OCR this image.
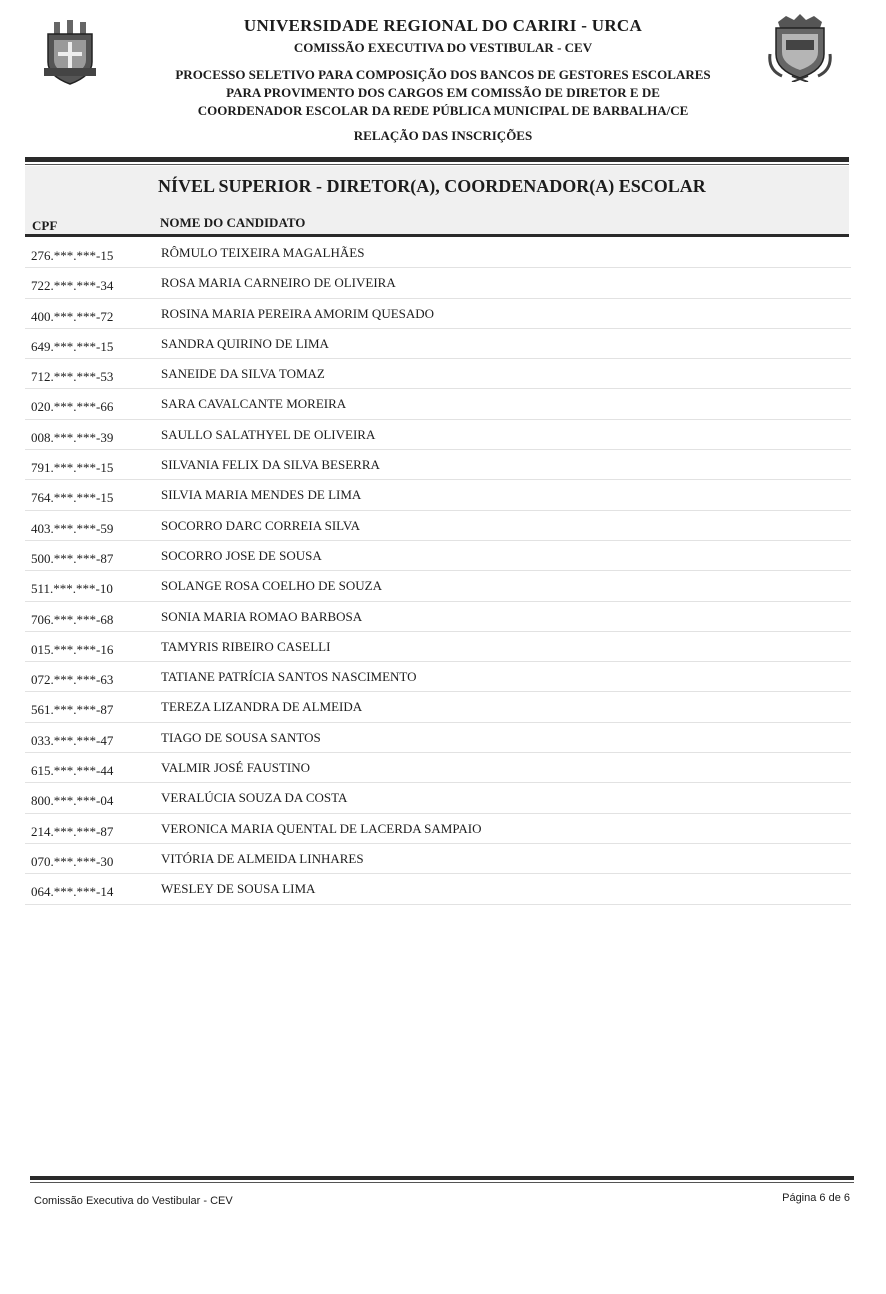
UNIVERSIDADE REGIONAL DO CARIRI - URCA
COMISSÃO EXECUTIVA DO VESTIBULAR - CEV
PROCESSO SELETIVO PARA COMPOSIÇÃO DOS BANCOS DE GESTORES ESCOLARES
PARA PROVIMENTO DOS CARGOS EM COMISSÃO DE DIRETOR E DE
COORDENADOR ESCOLAR DA REDE PÚBLICA MUNICIPAL DE BARBALHA/CE
RELAÇÃO DAS INSCRIÇÕES
NÍVEL SUPERIOR - DIRETOR(A), COORDENADOR(A) ESCOLAR
CPF	NOME DO CANDIDATO
276.***.***-15	RÔMULO TEIXEIRA MAGALHÃES
722.***.***-34	ROSA MARIA CARNEIRO DE OLIVEIRA
400.***.***-72	ROSINA MARIA PEREIRA AMORIM QUESADO
649.***.***-15	SANDRA QUIRINO DE LIMA
712.***.***-53	SANEIDE DA SILVA TOMAZ
020.***.***-66	SARA CAVALCANTE MOREIRA
008.***.***-39	SAULLO SALATHYEL DE OLIVEIRA
791.***.***-15	SILVANIA FELIX DA SILVA BESERRA
764.***.***-15	SILVIA MARIA MENDES DE LIMA
403.***.***-59	SOCORRO DARC CORREIA SILVA
500.***.***-87	SOCORRO JOSE DE SOUSA
511.***.***-10	SOLANGE ROSA COELHO DE SOUZA
706.***.***-68	SONIA MARIA ROMAO BARBOSA
015.***.***-16	TAMYRIS RIBEIRO CASELLI
072.***.***-63	TATIANE PATRÍCIA SANTOS NASCIMENTO
561.***.***-87	TEREZA LIZANDRA DE ALMEIDA
033.***.***-47	TIAGO DE SOUSA SANTOS
615.***.***-44	VALMIR JOSÉ FAUSTINO
800.***.***-04	VERALÚCIA SOUZA DA COSTA
214.***.***-87	VERONICA MARIA QUENTAL DE LACERDA SAMPAIO
070.***.***-30	VITÓRIA DE ALMEIDA LINHARES
064.***.***-14	WESLEY DE SOUSA LIMA
Comissão Executiva do Vestibular - CEV	Página 6 de 6
